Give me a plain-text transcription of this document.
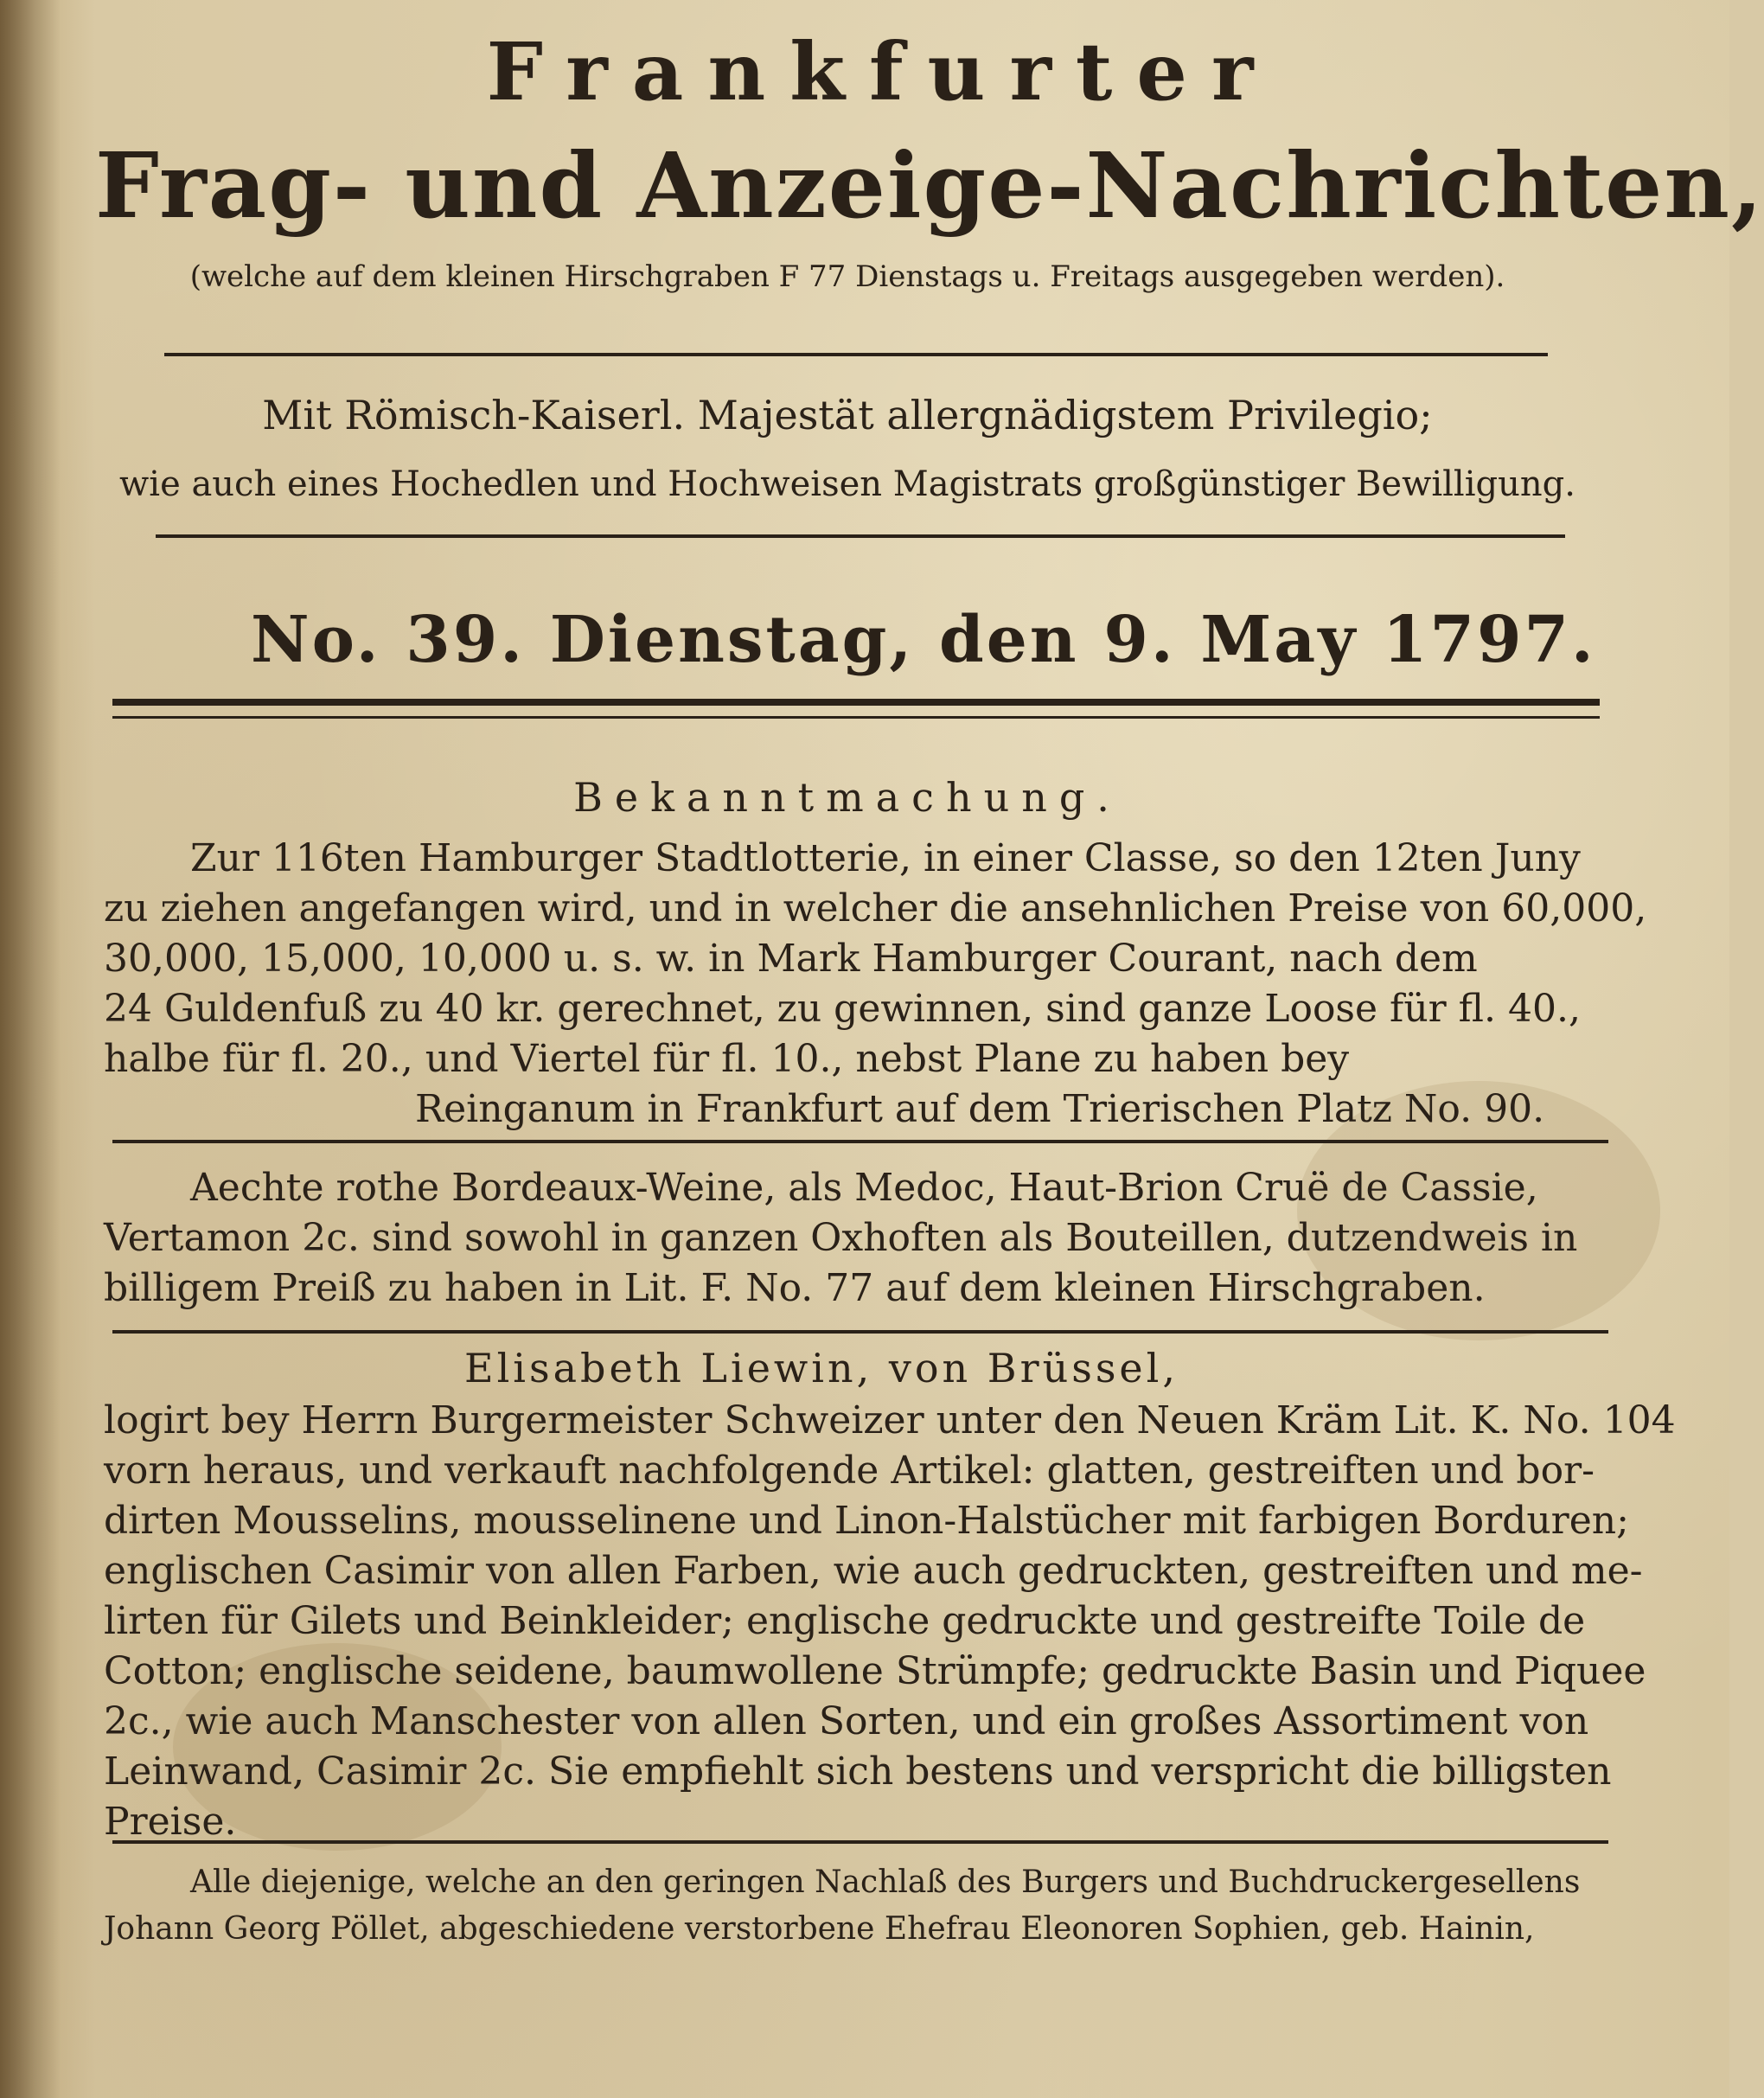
Frankfurter
Frag- und Anzeige-Nachrichten,
(welche auf dem kleinen Hirschgraben F 77 Dienstags u. Freitags ausgegeben werden).
Mit Römisch-Kaiserl. Majestät allergnädigstem Privilegio;
wie auch eines Hochedlen und Hochweisen Magistrats großgünstiger Bewilligung.
No. 39. Dienstag, den 9. May 1797.
Bekanntmachung.
Zur 116ten Hamburger Stadtlotterie, in einer Classe, so den 12ten Juny
zu ziehen angefangen wird, und in welcher die ansehnlichen Preise von 60,000,
30,000, 15,000, 10,000 u. s. w. in Mark Hamburger Courant, nach dem
24 Guldenfuß zu 40 kr. gerechnet, zu gewinnen, sind ganze Loose für fl. 40.,
halbe für fl. 20., und Viertel für fl. 10., nebst Plane zu haben bey
Reinganum in Frankfurt auf dem Trierischen Platz No. 90.
Aechte rothe Bordeaux-Weine, als Medoc, Haut-Brion Cruë de Cassie,
Vertamon 2c. sind sowohl in ganzen Oxhoften als Bouteillen, dutzendweis in
billigem Preiß zu haben in Lit. F. No. 77 auf dem kleinen Hirschgraben.
Elisabeth Liewin, von Brüssel,
logirt bey Herrn Burgermeister Schweizer unter den Neuen Kräm Lit. K. No. 104
vorn heraus, und verkauft nachfolgende Artikel: glatten, gestreiften und bor-
dirten Mousselins, mousselinene und Linon-Halstücher mit farbigen Borduren;
englischen Casimir von allen Farben, wie auch gedruckten, gestreiften und me-
lirten für Gilets und Beinkleider; englische gedruckte und gestreifte Toile de
Cotton; englische seidene, baumwollene Strümpfe; gedruckte Basin und Piquee
2c., wie auch Manschester von allen Sorten, und ein großes Assortiment von
Leinwand, Casimir 2c. Sie empfiehlt sich bestens und verspricht die billigsten
Preise.
Alle diejenige, welche an den geringen Nachlaß des Burgers und Buchdruckergesellens
Johann Georg Pöllet, abgeschiedene verstorbene Ehefrau Eleonoren Sophien, geb. Hainin,
